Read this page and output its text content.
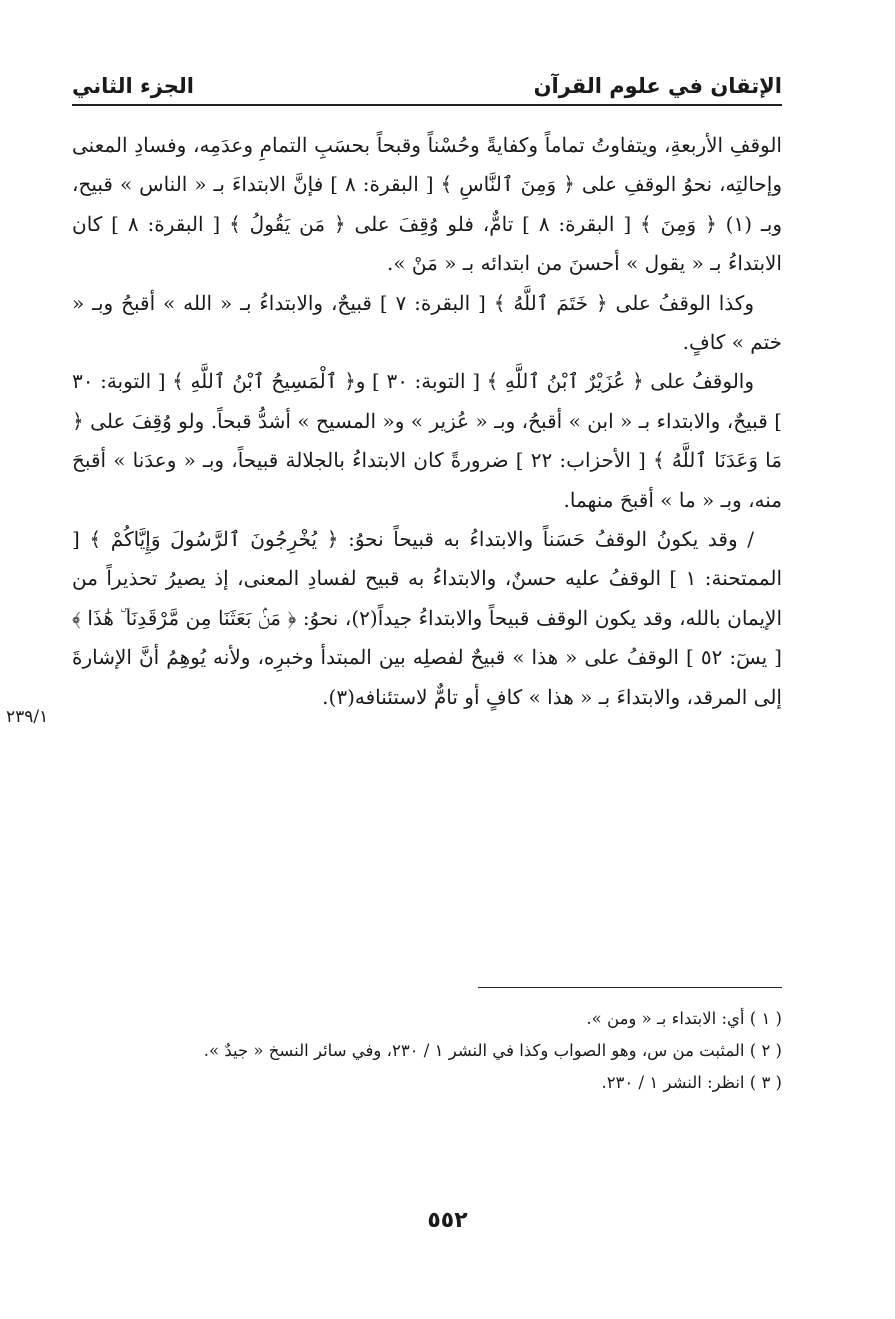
الإتقان في علوم القرآن
الجزء الثاني

الوقفِ الأربعةِ، ويتفاوتُ تماماً وكفايةً وحُسْناً وقبحاً بحسَبِ التمامِ وعدَمِه، وفسادِ المعنى وإحالتِه، نحوُ الوقفِ على ﴿ وَمِنَ ٱلنَّاسِ ﴾ [ البقرة: ٨ ] فإنَّ الابتداءَ بـ « الناس » قبيح، وبـ (١) ﴿ وَمِنَ ﴾ [ البقرة: ٨ ] تامٌّ، فلو وُقِفَ على ﴿ مَن يَقُولُ ﴾ [ البقرة: ٨ ] كان الابتداءُ بـ « يقول » أحسنَ من ابتدائه بـ « مَنْ ».

وكذا الوقفُ على ﴿ خَتَمَ ٱللَّهُ ﴾ [ البقرة: ٧ ] قبيحٌ، والابتداءُ بـ « الله » أقبحُ وبـ « ختم » كافٍ.

والوقفُ على ﴿ عُزَيْرٌ ٱبْنُ ٱللَّهِ ﴾ [ التوبة: ٣٠ ] و﴿ ٱلْمَسِيحُ ٱبْنُ ٱللَّهِ ﴾ [ التوبة: ٣٠ ] قبيحٌ، والابتداء بـ « ابن » أقبحُ، وبـ « عُزير » و« المسيح » أشدُّ قبحاً. ولو وُقِفَ على ﴿ مَا وَعَدَنَا ٱللَّهُ ﴾ [ الأحزاب: ٢٢ ] ضرورةً كان الابتداءُ بالجلالة قبيحاً، وبـ « وعدَنا » أقبحَ منه، وبـ « ما » أقبحَ منهما.

/ وقد يكونُ الوقفُ حَسَناً والابتداءُ به قبيحاً نحوُ: ﴿ يُخْرِجُونَ ٱلرَّسُولَ وَإِيَّاكُمْ ﴾ [ الممتحنة: ١ ] الوقفُ عليه حسنٌ، والابتداءُ به قبيح لفسادِ المعنى، إذ يصيرُ تحذيراً من الإيمان بالله، وقد يكون الوقف قبيحاً والابتداءُ جيداً(٢)، نحوُ: ﴿ مَنۢ بَعَثَنَا مِن مَّرْقَدِنَا ۜ هَٰذَا ﴾ [ يسٓ: ٥٢ ] الوقفُ على « هذا » قبيحٌ لفصلِه بين المبتدأ وخبرِه، ولأنه يُوهِمُ أنَّ الإشارةَ إلى المرقد، والابتداءَ بـ « هذا » كافٍ أو تامٌّ لاستئنافه(٣).

٢٣٩/١
( ١ ) أي: الابتداء بـ « ومن ».
( ٢ ) المثبت من س، وهو الصواب وكذا في النشر ١ / ٢٣٠، وفي سائر النسخ « جيدٌ ».
( ٣ ) انظر: النشر ١ / ٢٣٠.
٥٥٢
